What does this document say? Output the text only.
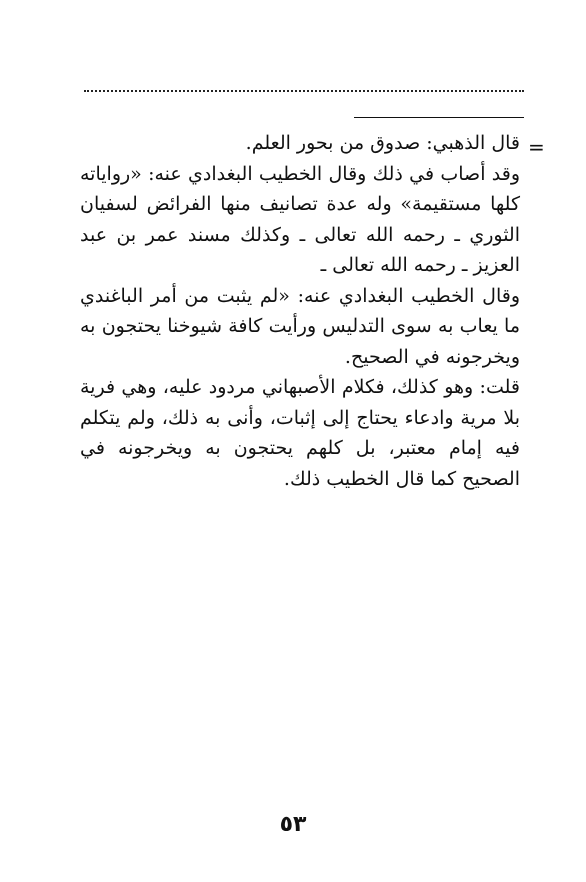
=

قال الذهبي: صدوق من بحور العلم.

وقد أصاب في ذلك وقال الخطيب البغدادي عنه: «رواياته كلها مستقيمة» وله عدة تصانيف منها الفرائض لسفيان الثوري ـ رحمه الله تعالى ـ وكذلك مسند عمر بن عبد العزيز ـ رحمه الله تعالى ـ

وقال الخطيب البغدادي عنه: «لم يثبت من أمر الباغندي ما يعاب به سوى التدليس ورأيت كافة شيوخنا يحتجون به ويخرجونه في الصحيح.

قلت: وهو كذلك، فكلام الأصبهاني مردود عليه، وهي فرية بلا مرية وادعاء يحتاج إلى إثبات، وأنى به ذلك، ولم يتكلم فيه إمام معتبر، بل كلهم يحتجون به ويخرجونه في الصحيح كما قال الخطيب ذلك.

٥٣
